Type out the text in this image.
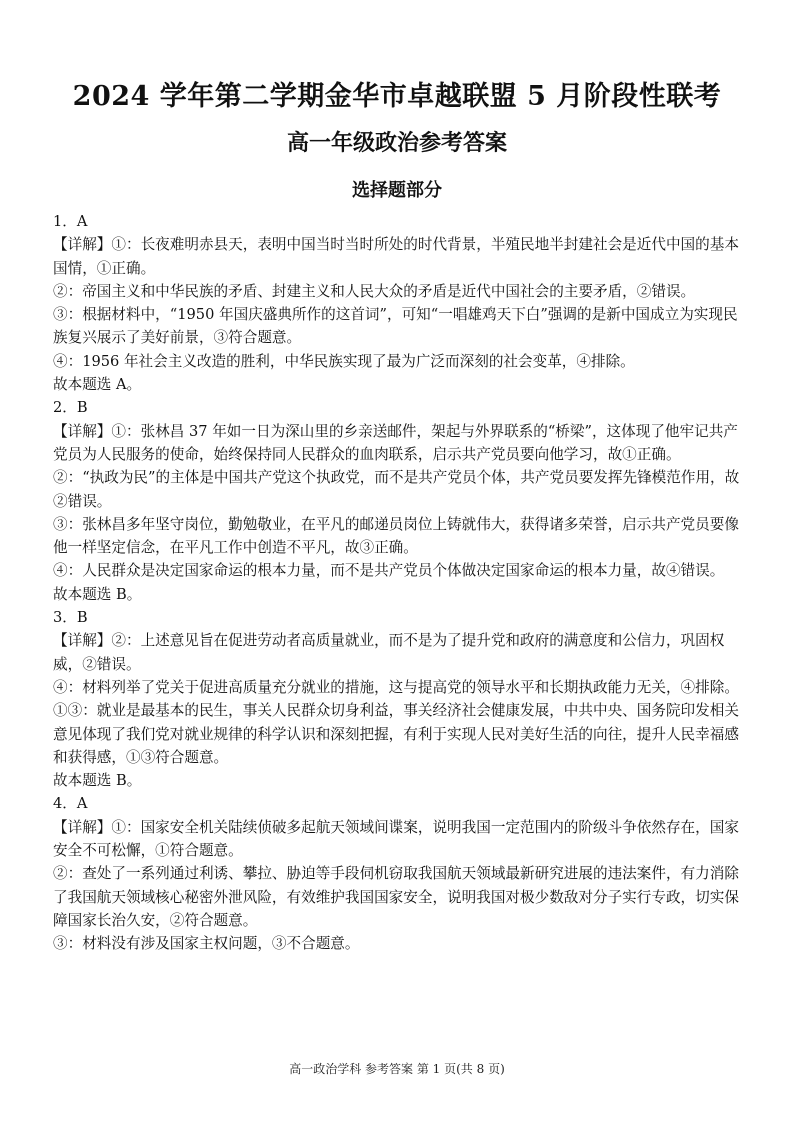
2024 学年第二学期金华市卓越联盟 5 月阶段性联考
高一年级政治参考答案
选择题部分

1．A

【详解】①：长夜难明赤县天，表明中国当时当时所处的时代背景，半殖民地半封建社会是近代中国的基本国情，①正确。

②：帝国主义和中华民族的矛盾、封建主义和人民大众的矛盾是近代中国社会的主要矛盾，②错误。

③：根据材料中，“1950 年国庆盛典所作的这首词”，可知“一唱雄鸡天下白”强调的是新中国成立为实现民族复兴展示了美好前景，③符合题意。

④：1956 年社会主义改造的胜利，中华民族实现了最为广泛而深刻的社会变革，④排除。

故本题选 A。

2．B

【详解】①：张林昌 37 年如一日为深山里的乡亲送邮件，架起与外界联系的“桥梁”，这体现了他牢记共产党员为人民服务的使命，始终保持同人民群众的血肉联系，启示共产党员要向他学习，故①正确。

②：“执政为民”的主体是中国共产党这个执政党，而不是共产党员个体，共产党员要发挥先锋模范作用，故②错误。

③：张林昌多年坚守岗位，勤勉敬业，在平凡的邮递员岗位上铸就伟大，获得诸多荣誉，启示共产党员要像他一样坚定信念，在平凡工作中创造不平凡，故③正确。

④：人民群众是决定国家命运的根本力量，而不是共产党员个体做决定国家命运的根本力量，故④错误。

故本题选 B。

3．B

【详解】②：上述意见旨在促进劳动者高质量就业，而不是为了提升党和政府的满意度和公信力，巩固权威，②错误。

④：材料列举了党关于促进高质量充分就业的措施，这与提高党的领导水平和长期执政能力无关，④排除。

①③：就业是最基本的民生，事关人民群众切身利益，事关经济社会健康发展，中共中央、国务院印发相关意见体现了我们党对就业规律的科学认识和深刻把握，有利于实现人民对美好生活的向往，提升人民幸福感和获得感，①③符合题意。

故本题选 B。

4．A

【详解】①：国家安全机关陆续侦破多起航天领域间谍案，说明我国一定范围内的阶级斗争依然存在，国家安全不可松懈，①符合题意。

②：查处了一系列通过利诱、攀拉、胁迫等手段伺机窃取我国航天领域最新研究进展的违法案件，有力消除了我国航天领域核心秘密外泄风险，有效维护我国国家安全，说明我国对极少数敌对分子实行专政，切实保障国家长治久安，②符合题意。

③：材料没有涉及国家主权问题，③不合题意。

高一政治学科 参考答案 第 1 页(共 8 页)
